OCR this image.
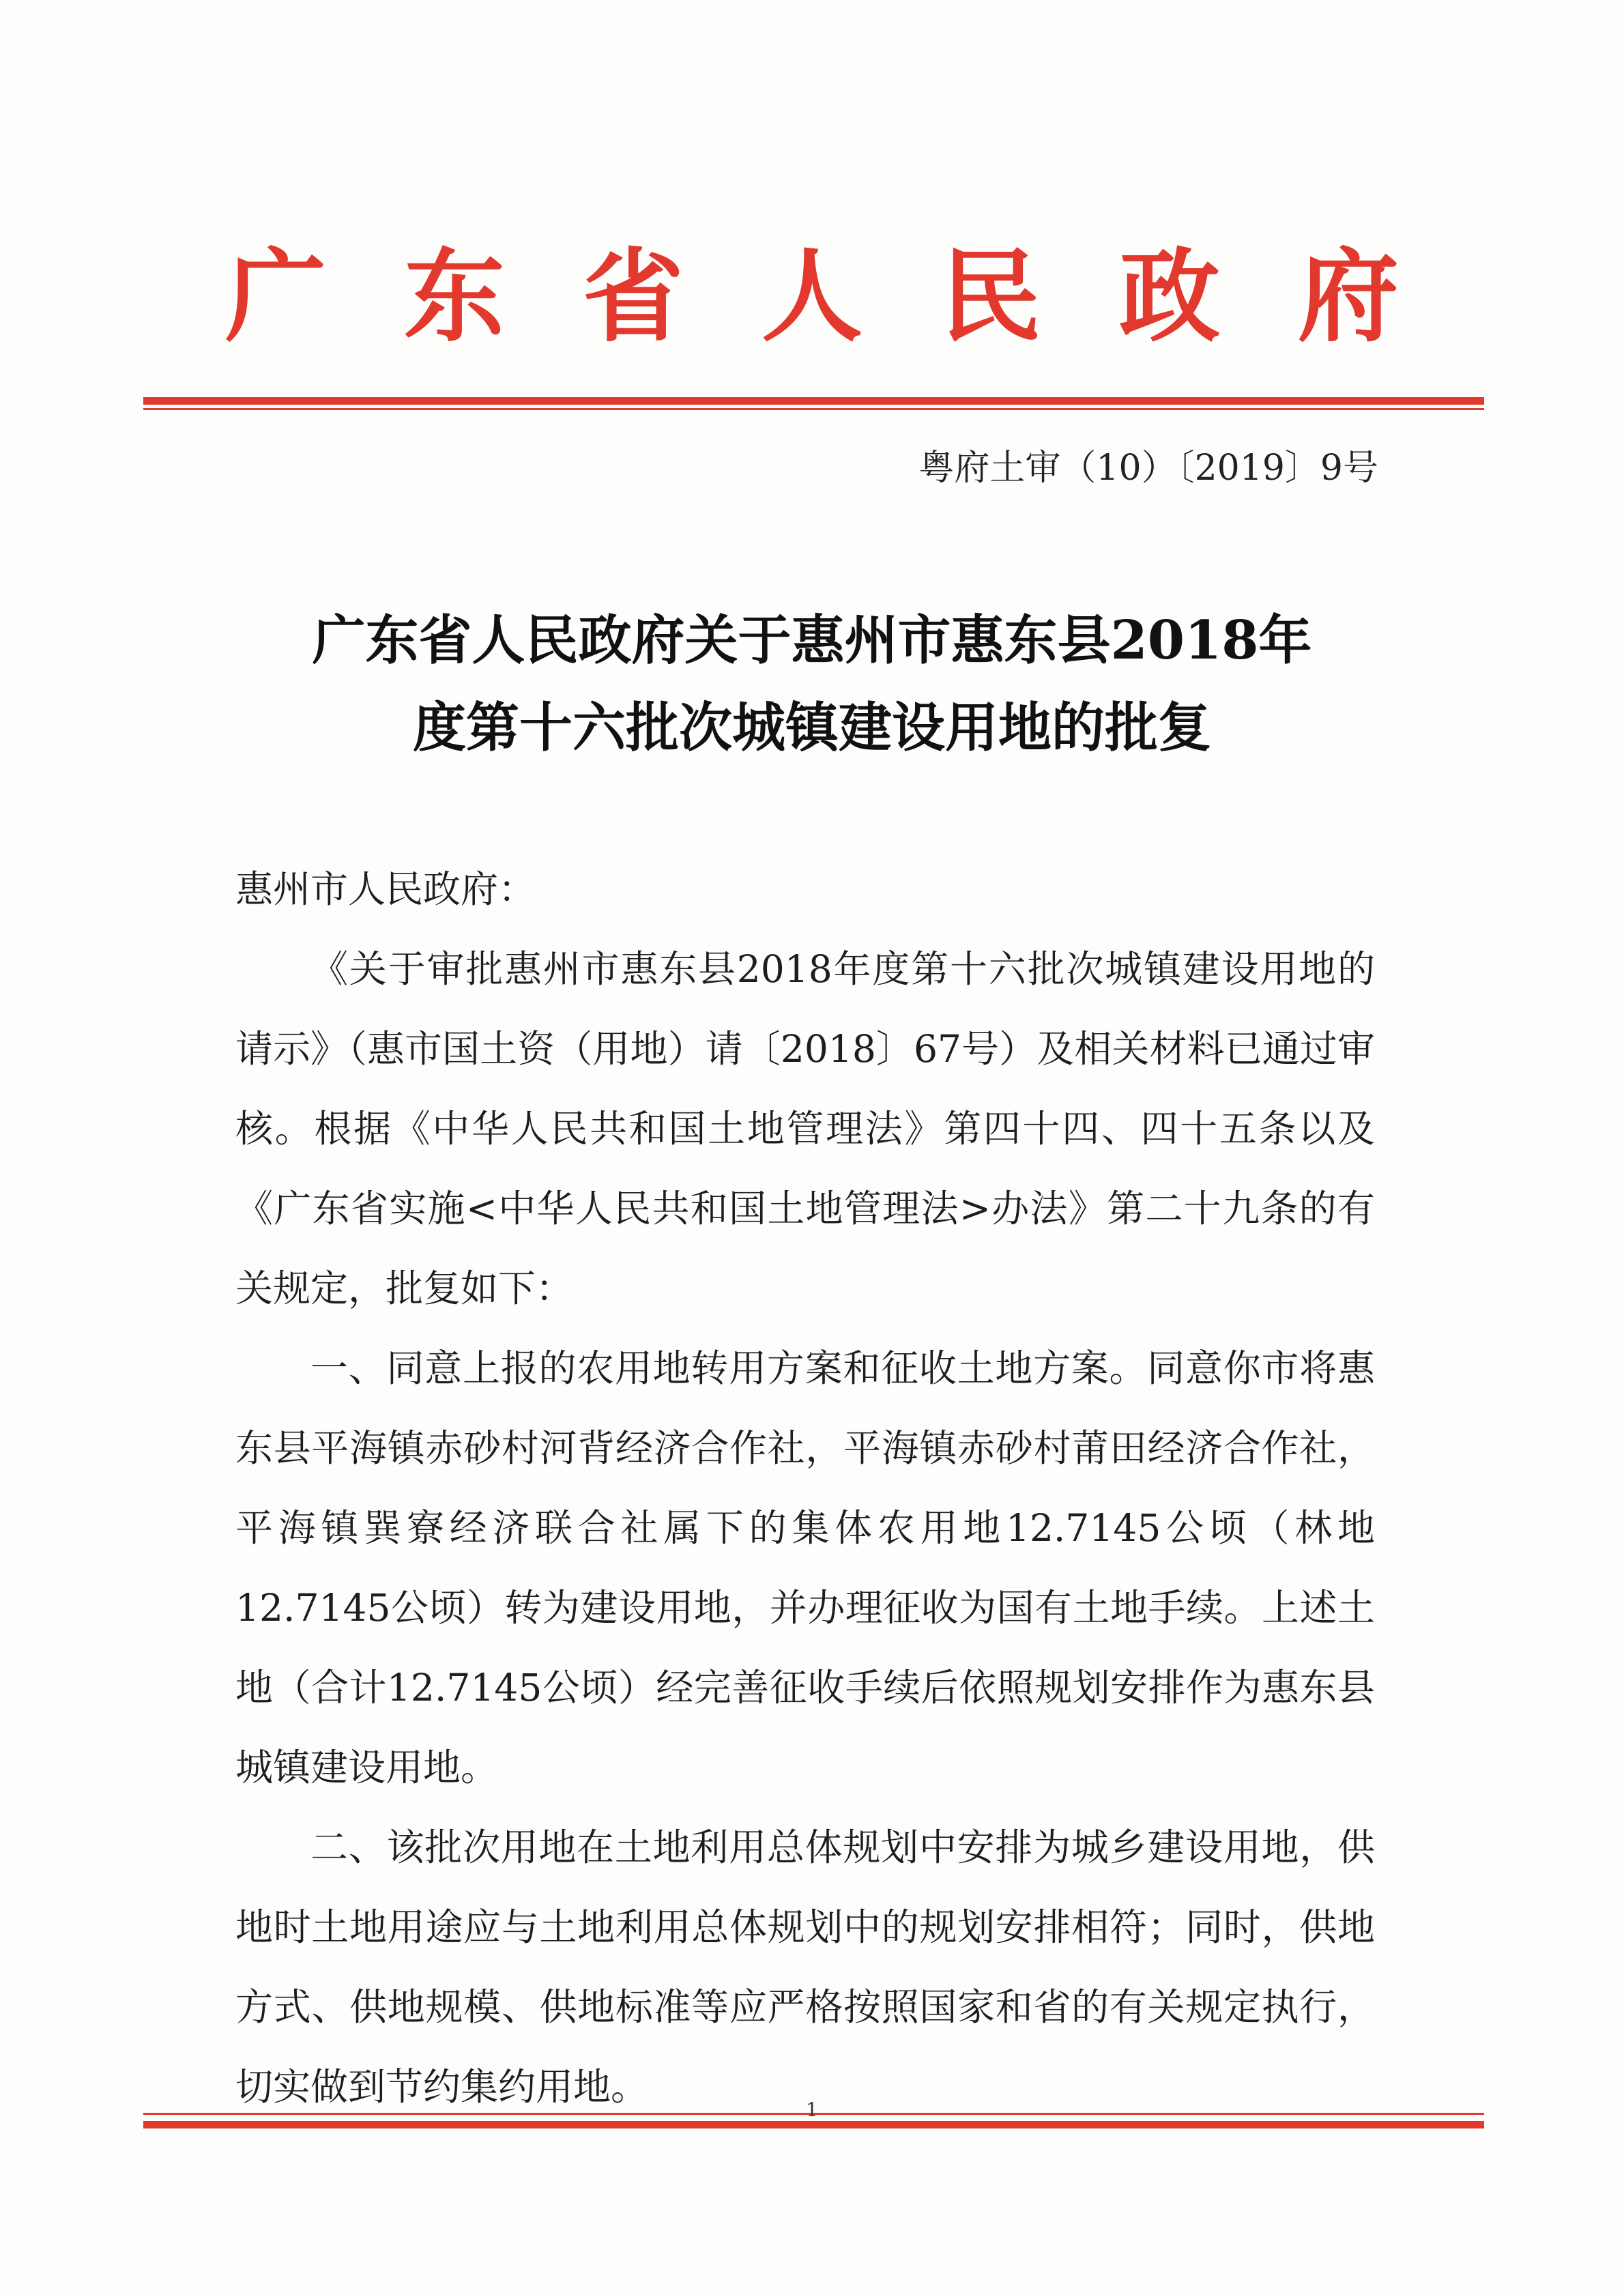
广 东 省 人 民 政 府
粤府土审（10）〔2019〕9号
广东省人民政府关于惠州市惠东县2018年
度第十六批次城镇建设用地的批复

惠州市人民政府：

《关于审批惠州市惠东县2018年度第十六批次城镇建设用地的请示》（惠市国土资（用地）请〔2018〕67号）及相关材料已通过审核。根据《中华人民共和国土地管理法》第四十四、四十五条以及《广东省实施<中华人民共和国土地管理法>办法》第二十九条的有关规定，批复如下：

一、同意上报的农用地转用方案和征收土地方案。同意你市将惠东县平海镇赤砂村河背经济合作社，平海镇赤砂村莆田经济合作社，平海镇巽寮经济联合社属下的集体农用地12.7145公顷（林地12.7145公顷）转为建设用地，并办理征收为国有土地手续。上述土地（合计12.7145公顷）经完善征收手续后依照规划安排作为惠东县城镇建设用地。

二、该批次用地在土地利用总体规划中安排为城乡建设用地，供地时土地用途应与土地利用总体规划中的规划安排相符；同时，供地方式、供地规模、供地标准等应严格按照国家和省的有关规定执行，切实做到节约集约用地。

1
